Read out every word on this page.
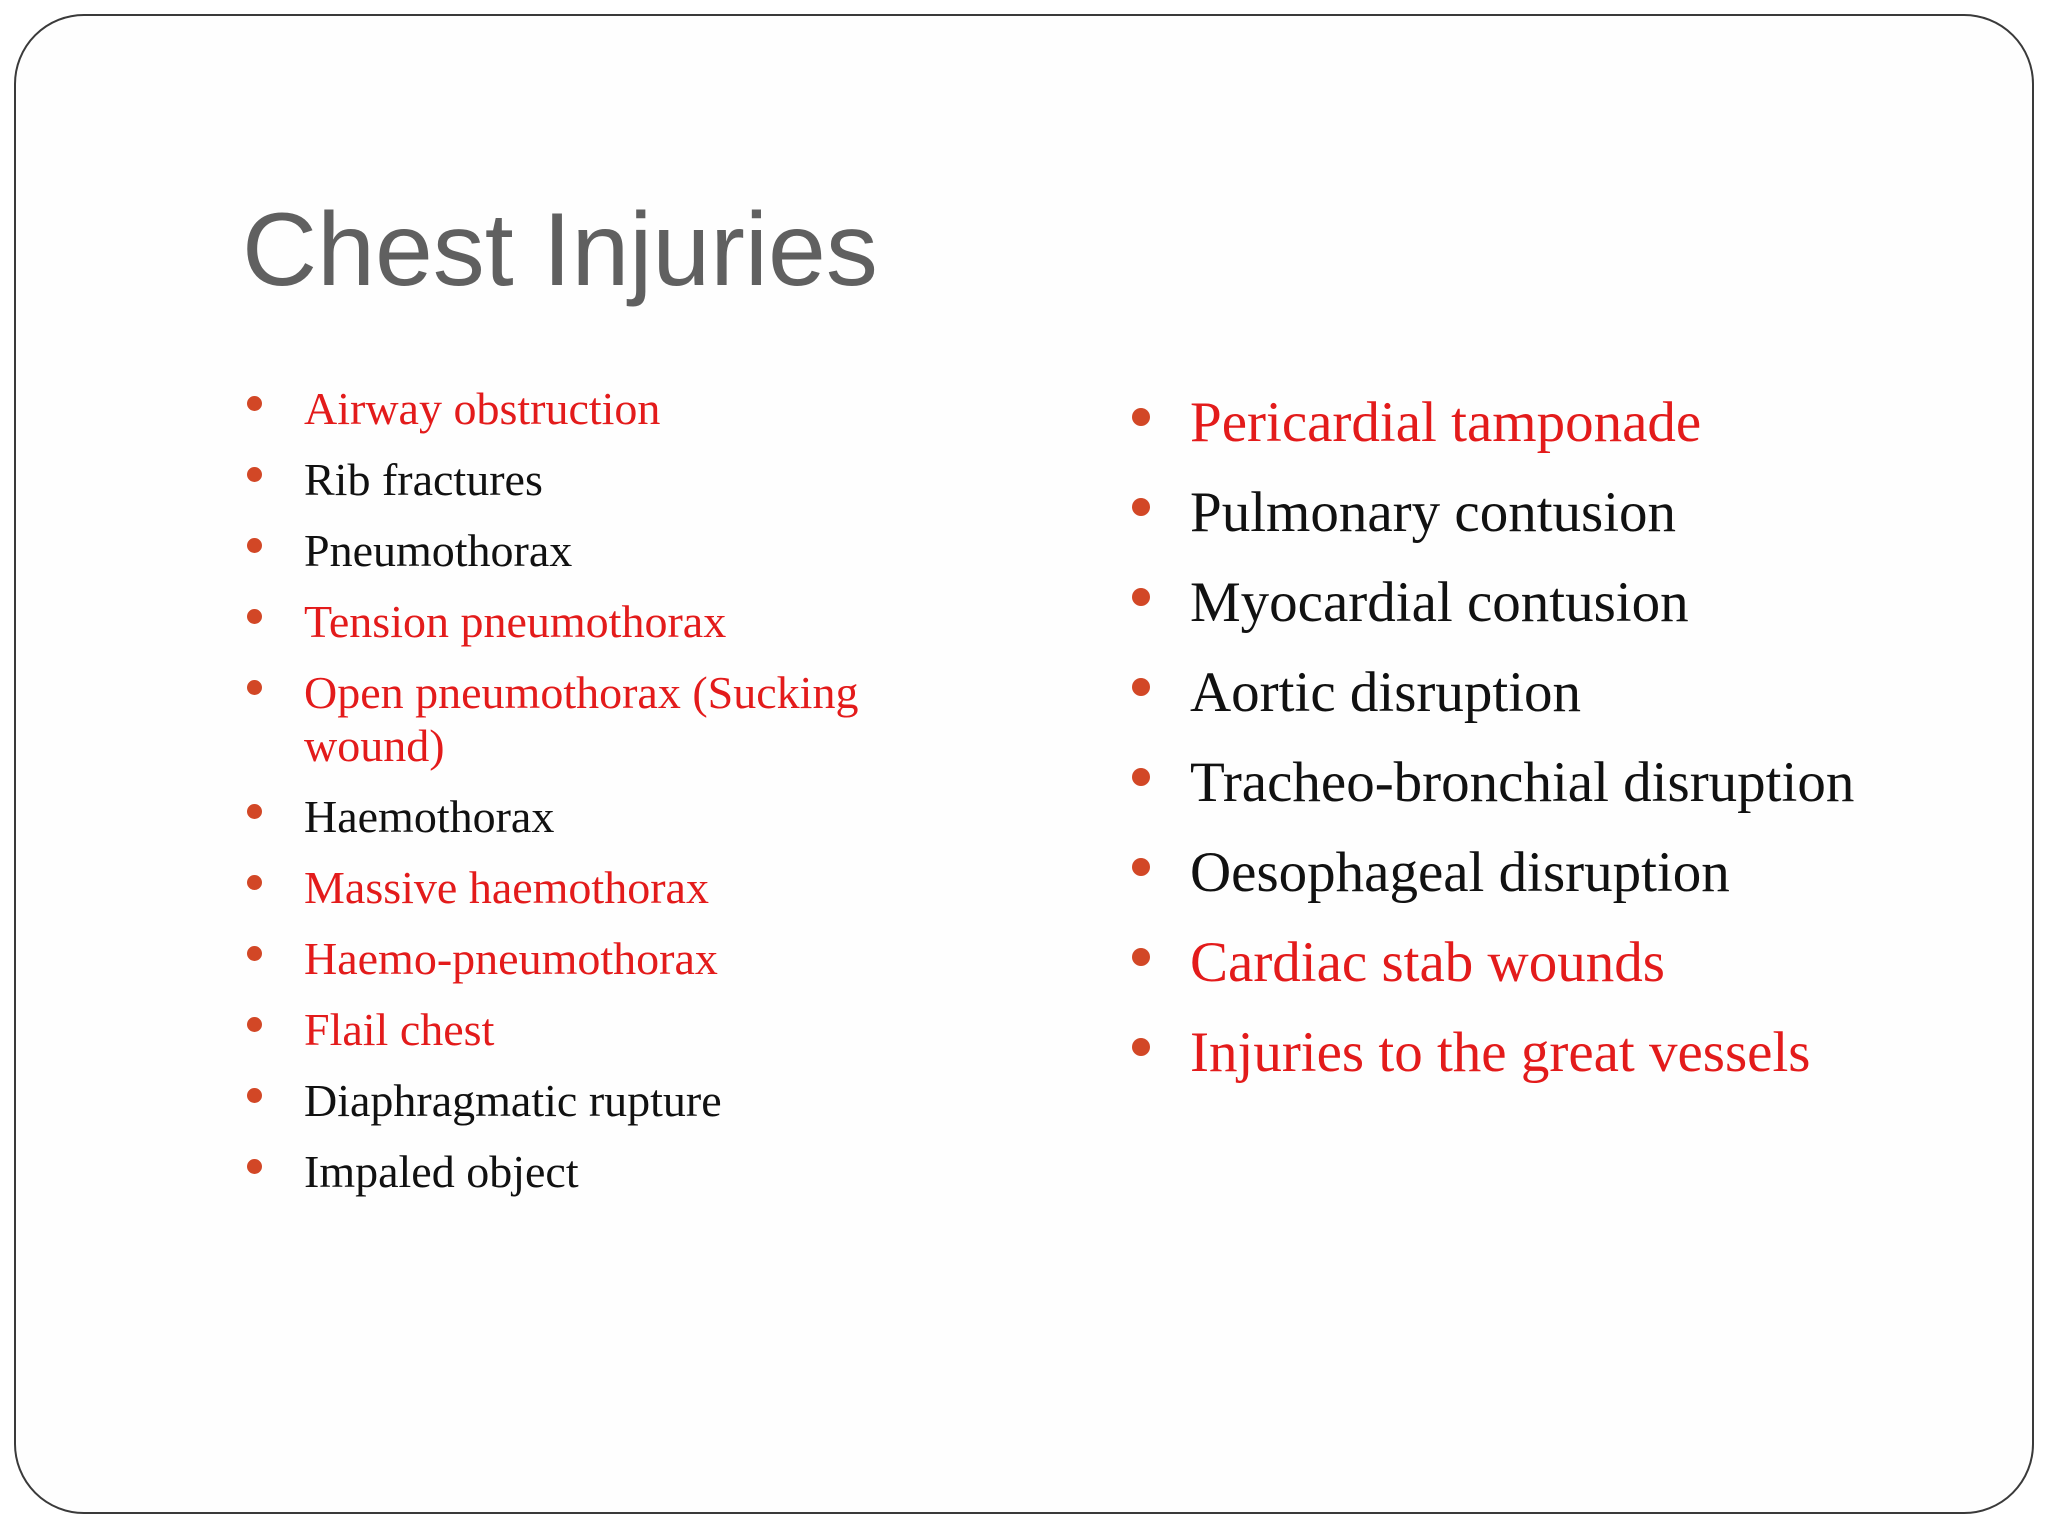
Chest Injuries
Airway obstruction
Rib fractures
Pneumothorax
Tension pneumothorax
Open pneumothorax (Sucking wound)
Haemothorax
Massive haemothorax
Haemo-pneumothorax
Flail chest
Diaphragmatic rupture
Impaled object
Pericardial tamponade
Pulmonary contusion
Myocardial contusion
Aortic disruption
Tracheo-bronchial disruption
Oesophageal disruption
Cardiac stab wounds
Injuries to the great vessels
